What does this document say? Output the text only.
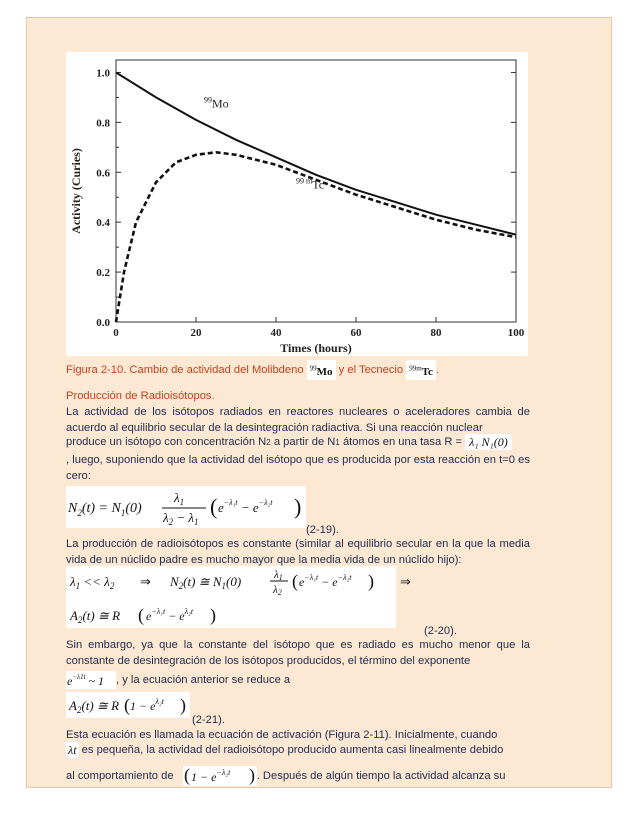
0.0
0.2
0.4
0.6
0.8
1.0
0	20	40	60	80	100
Times (hours)
Activity (Curies)
$^{99}$Mo
$^{99 m}$Tc
Figura 2-10. Cambio de actividad del Molibdeno $^{99}$Mo y el Tecnecio $^{99m}$Tc .
Producción de Radioisótopos.
La actividad de los isótopos radiados en reactores nucleares o aceleradores cambia de acuerdo al equilibrio secular de la desintegración radiactiva. Si una reacción nuclear
produce un isótopo con concentración N2 a partir de N1 átomos en una tasa R = λ₁ N₁(0)
, luego, suponiendo que la actividad del isótopo que es producida por esta reacción en t=0 es cero:
$N_2(t) = N_1(0)$
$\lambda_1$
$\lambda_2 - \lambda_1$
( $e^{-\lambda_1t} - e^{-\lambda_2t}$ )
(2-19).
La producción de radioisótopos es constante (similar al equilibrio secular en la que la media vida de un núclido padre es mucho mayor que la media vida de un núclido hijo):
$\lambda_1 << \lambda_2$ ⇒ $N_2(t)$ ≅ $N_1(0)$	λ1
λ2
( $e^{-\lambda_1t} - e^{-\lambda_2t}$ )
$A_2(t)$ ≅ R ( $e^{-\lambda_1t} - e^{\lambda_2t}$ )
⇒
(2-20).
Sin embargo, ya que la constante del isótopo que es radiado es mucho menor que la constante de desintegración de los isótopos producidos, el término del exponente
$e^{-\lambda 1t}$ ~ 1 , y la ecuación anterior se reduce a
$A_2(t)$ ≅ R ( $1 - e^{\lambda_2t}$ )
(2-21).
Esta ecuación es llamada la ecuación de activación (Figura 2-11). Inicialmente, cuando
λt es pequeña, la actividad del radioisótopo producido aumenta casi linealmente debido
al comportamiento de ( $1 - e^{-\lambda_2t}$ ) . Después de algún tiempo la actividad alcanza su
